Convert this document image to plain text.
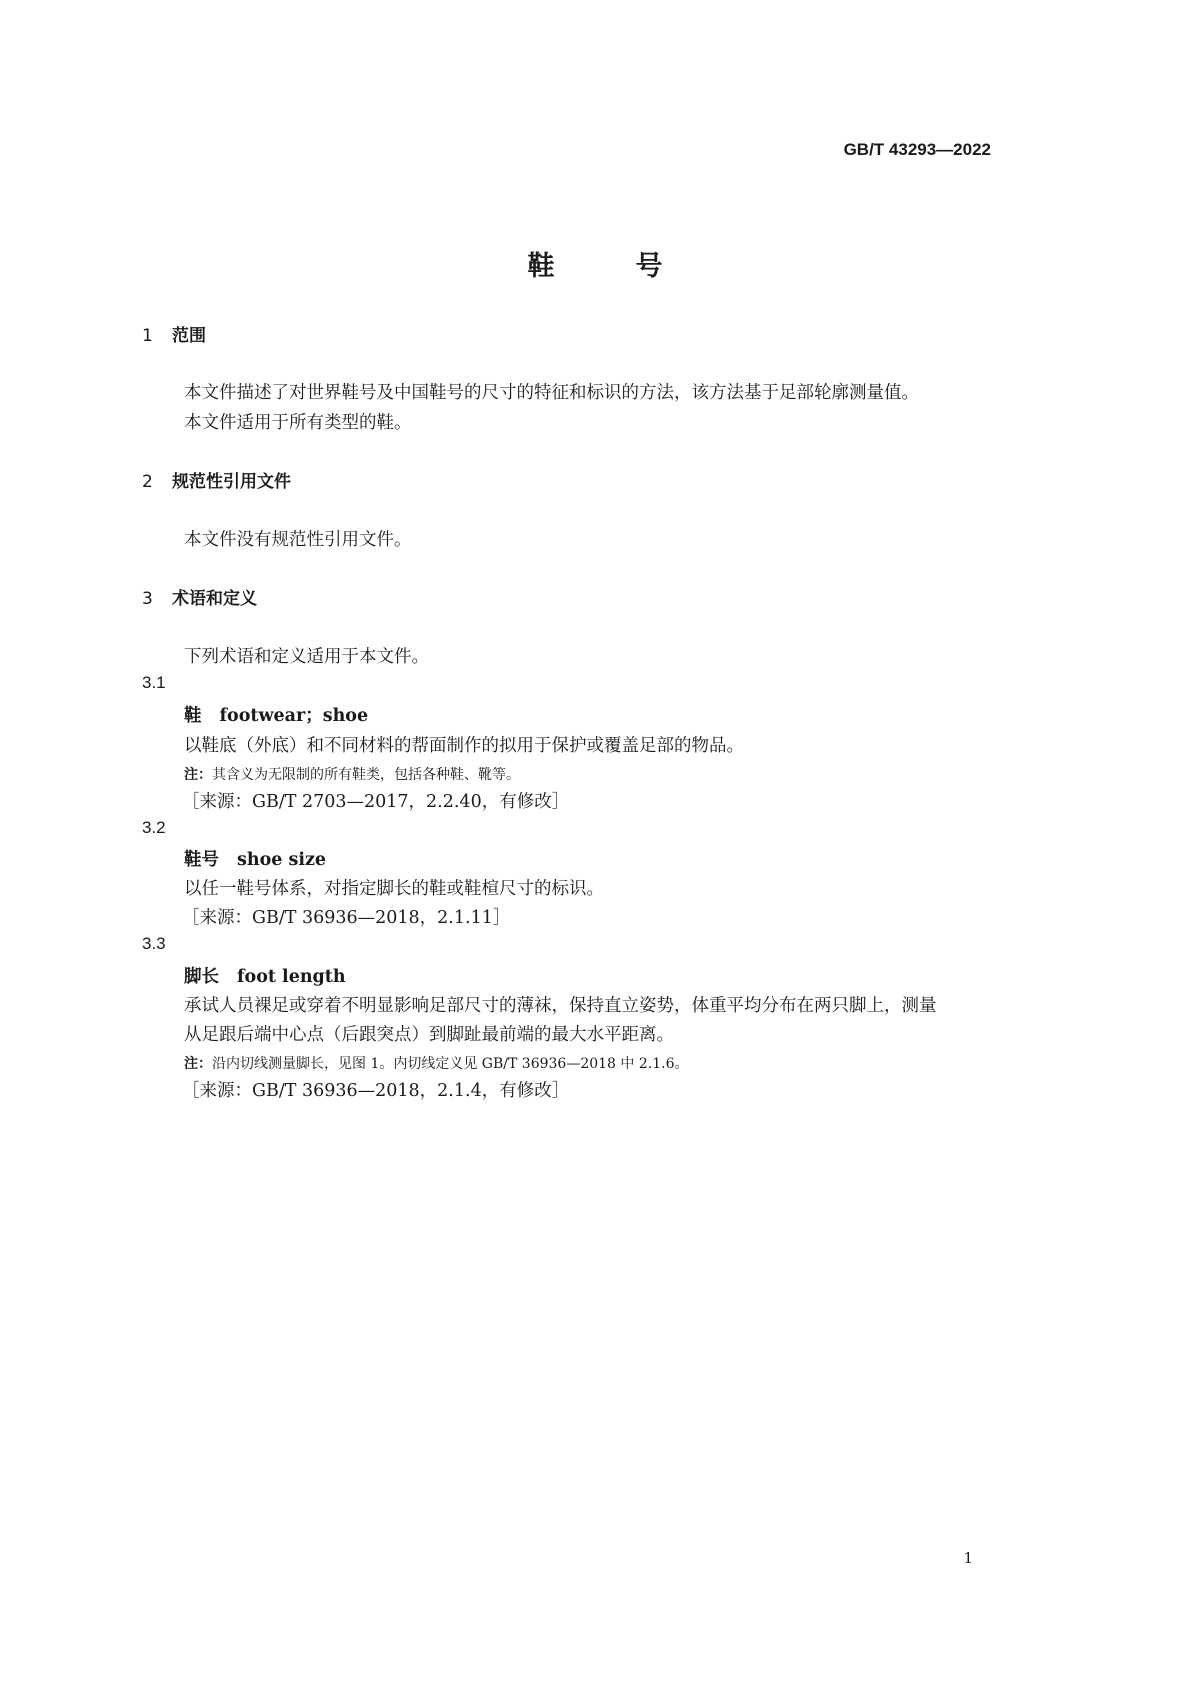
GB/T 43293—2022
鞋	号
1 范围
本文件描述了对世界鞋号及中国鞋号的尺寸的特征和标识的方法，该方法基于足部轮廓测量值。
本文件适用于所有类型的鞋。
2 规范性引用文件
本文件没有规范性引用文件。
3 术语和定义
下列术语和定义适用于本文件。
3.1
鞋 footwear；shoe
以鞋底（外底）和不同材料的帮面制作的拟用于保护或覆盖足部的物品。
注：其含义为无限制的所有鞋类，包括各种鞋、靴等。
［来源：GB/T 2703—2017，2.2.40，有修改］
3.2
鞋号 shoe size
以任一鞋号体系，对指定脚长的鞋或鞋楦尺寸的标识。
［来源：GB/T 36936—2018，2.1.11］
3.3
脚长 foot length
承试人员裸足或穿着不明显影响足部尺寸的薄袜，保持直立姿势，体重平均分布在两只脚上，测量
从足跟后端中心点（后跟突点）到脚趾最前端的最大水平距离。
注：沿内切线测量脚长，见图 1。内切线定义见 GB/T 36936—2018 中 2.1.6。
［来源：GB/T 36936—2018，2.1.4，有修改］
1
